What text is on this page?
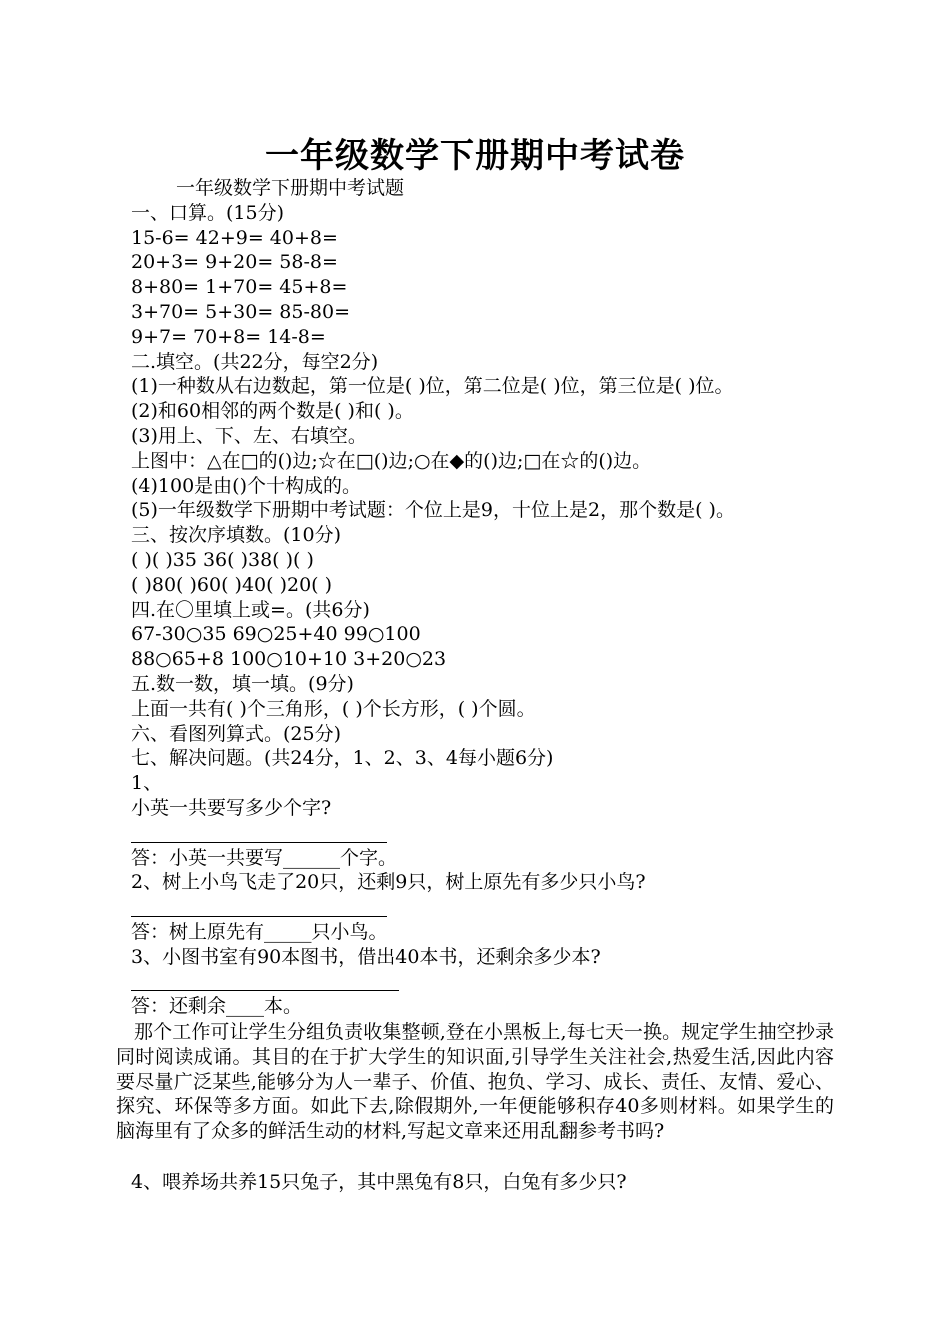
一年级数学下册期中考试卷
一年级数学下册期中考试题
一、口算。(15分)
15-6= 42+9= 40+8=
20+3= 9+20= 58-8=
8+80= 1+70= 45+8=
3+70= 5+30= 85-80=
9+7= 70+8= 14-8=
二.填空。(共22分，每空2分)
(1)一种数从右边数起，第一位是( )位，第二位是( )位，第三位是( )位。
(2)和60相邻的两个数是( )和( )。
(3)用上、下、左、右填空。
上图中：△在□的()边;☆在□()边;○在◆的()边;□在☆的()边。
(4)100是由()个十构成的。
(5)一年级数学下册期中考试题：个位上是9，十位上是2，那个数是( )。
三、按次序填数。(10分)
( )( )35 36( )38( )( )
( )80( )60( )40( )20( )
四.在〇里填上或=。(共6分)
67-30○35 69○25+40 99○100
88○65+8 100○10+10 3+20○23
五.数一数，填一填。(9分)
上面一共有( )个三角形，( )个长方形，( )个圆。
六、看图列算式。(25分)
七、解决问题。(共24分，1、2、3、4每小题6分)
1、
小英一共要写多少个字?
答：小英一共要写______个字。
2、树上小鸟飞走了20只，还剩9只，树上原先有多少只小鸟?
答：树上原先有_____只小鸟。
3、小图书室有90本图书，借出40本书，还剩余多少本?
答：还剩余____本。
那个工作可让学生分组负责收集整顿,登在小黑板上,每七天一换。规定学生抽空抄录同时阅读成诵。其目的在于扩大学生的知识面,引导学生关注社会,热爱生活,因此内容要尽量广泛某些,能够分为人一辈子、价值、抱负、学习、成长、责任、友情、爱心、探究、环保等多方面。如此下去,除假期外,一年便能够积存40多则材料。如果学生的脑海里有了众多的鲜活生动的材料,写起文章来还用乱翻参考书吗?
4、喂养场共养15只兔子，其中黑兔有8只，白兔有多少只?
